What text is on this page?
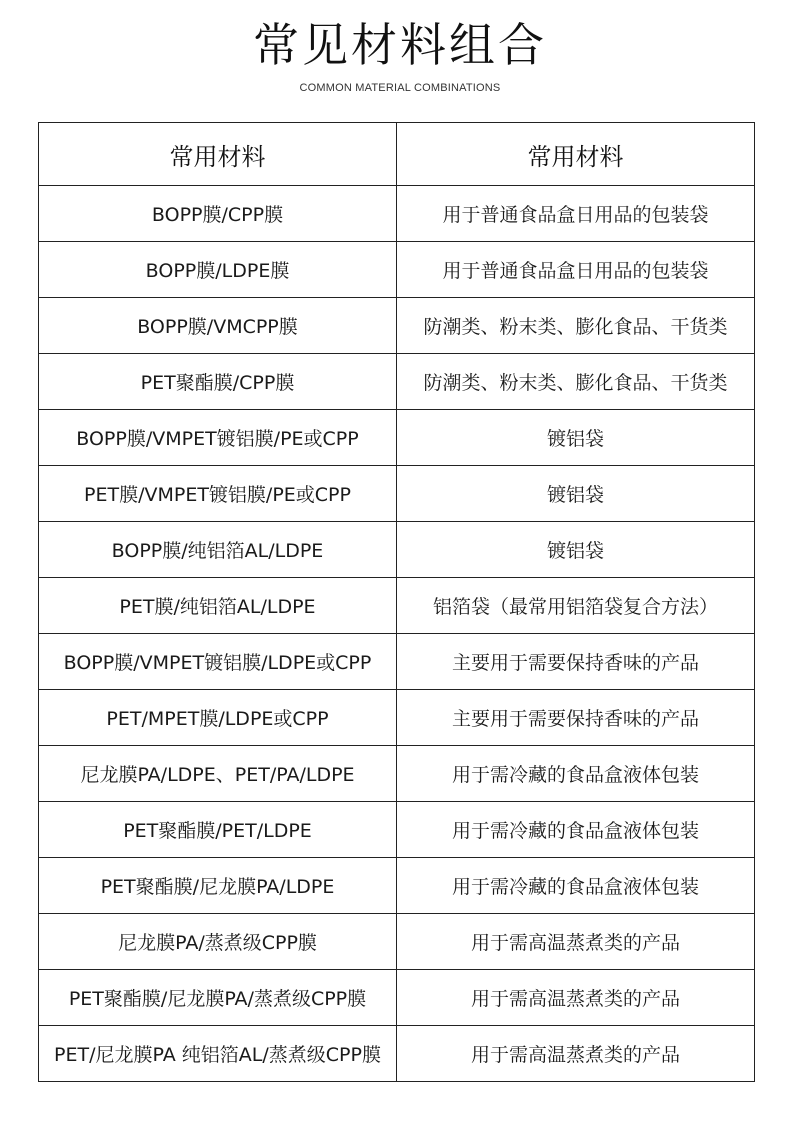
常见材料组合
COMMON MATERIAL COMBINATIONS
常用材料	常用材料
BOPP膜/CPP膜	用于普通食品盒日用品的包装袋
BOPP膜/LDPE膜	用于普通食品盒日用品的包装袋
BOPP膜/VMCPP膜	防潮类、粉末类、膨化食品、干货类
PET聚酯膜/CPP膜	防潮类、粉末类、膨化食品、干货类
BOPP膜/VMPET镀铝膜/PE或CPP	镀铝袋
PET膜/VMPET镀铝膜/PE或CPP	镀铝袋
BOPP膜/纯铝箔AL/LDPE	镀铝袋
PET膜/纯铝箔AL/LDPE	铝箔袋（最常用铝箔袋复合方法）
BOPP膜/VMPET镀铝膜/LDPE或CPP	主要用于需要保持香味的产品
PET/MPET膜/LDPE或CPP	主要用于需要保持香味的产品
尼龙膜PA/LDPE、PET/PA/LDPE	用于需冷藏的食品盒液体包装
PET聚酯膜/PET/LDPE	用于需冷藏的食品盒液体包装
PET聚酯膜/尼龙膜PA/LDPE	用于需冷藏的食品盒液体包装
尼龙膜PA/蒸煮级CPP膜	用于需高温蒸煮类的产品
PET聚酯膜/尼龙膜PA/蒸煮级CPP膜	用于需高温蒸煮类的产品
PET/尼龙膜PA 纯铝箔AL/蒸煮级CPP膜	用于需高温蒸煮类的产品
